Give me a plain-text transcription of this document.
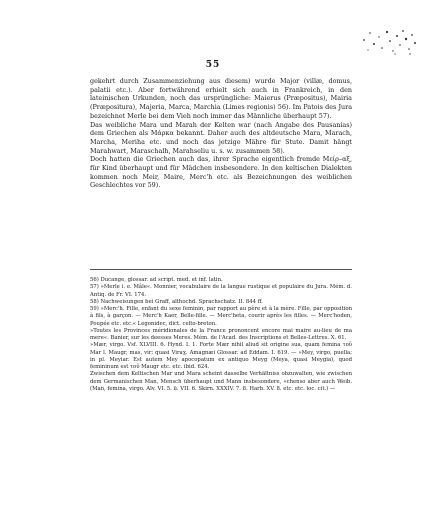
55

gekehrt durch Zusammenziehung aus diesem) wurde Major (villæ, domus, palatii etc.). Aber fortwährend erhielt sich auch in Frankreich, in den lateinischen Urkunden, noch das ursprüngliche: Maierus (Præpositus), Mairia (Præpositura), Majeria, Marca, Marchia (Limes regionis) 56). Im Patois des Jura bezeichnet Merle bei dem Vieh noch immer das Männliche überhaupt 57).

Das weibliche Mara und Marah der Kelten war (nach Angabe des Pausanias) dem Griechen als Μάρκα bekannt. Daher auch des altdeutsche Mara, Marach, Marcha, Meriha etc. und noch das jetzige Mähre für Stute. Damit hängt Marahwart, Maraschalh, Marahseliu u. s. w. zusammen 58).

Doch hatten die Griechen auch das, ihrer Sprache eigentlich fremde Μείρ–αξ, für Kind überhaupt und für Mädchen insbesondere. In den keltischen Dialekten kommen noch Meir, Maire, Merc'h etc. als Bezeichnungen des weiblichen Geschlechtes vor 59).

56) Ducange, glossar. ad script. med. et inf. latin.

57) »Merle i. e. Mâle«. Monnier, vocabulaire de la langue rustique et populaire du Jura. Mém. d. Antiq. de Fr. VI. 174.

58) Nachweisungen bei Graff, althochd. Sprachschatz. II. 844 ff.

59) »Merc'h. Fille, enfant du sexe feminin, par rapport au père et à la mère. Fille, par opposition à fils, à garçon. — Merc'h Kaer, Belle-fille. — Merc'heta, courir après les filles. — Merc'hoden, Poupée etc. etc.« Legonidec, dict. celto-breton.

»Toutes les Provinces méridionales de la France prononcent encore mai maire au-lieu de ma mere«. Banier, sur les deesses Meres. Mém. de l'Acad. des Inscriptions et Belles-Lettres. X. 61.

»Mær, virgo. Vsf. XLVIII. 6. Hynd. I. 1. Forte Mær nihil aliud sit origine sua, quam femina τοῦ Mar l. Maugr, mas, vir; quasi Viraɣ. Amagnæi Glossar. ad Eddam. I. 619. — »Mey, virgo, puella; in pl. Meyiar. Est autem Mey apocopatum ex antiquo Meyg (Meya, quasi Meygia), quod femininum est τοῦ Maugr etc. etc. ibid. 624.

Zwischen dem Keltischen Mar und Mara scheint dasselbe Verhältniss obzuwalten, wie zwischen dem Germanischen Man, Mensch überhaupt und Mann insbesondere, »chenso aber auch Weib. (Man, femina, virgo. Alv. VI. 5. ü. VII. 6. Skirn. XXXIV. 7. 8. Harb. XV. 8. etc. etc. loc. cit.) —
